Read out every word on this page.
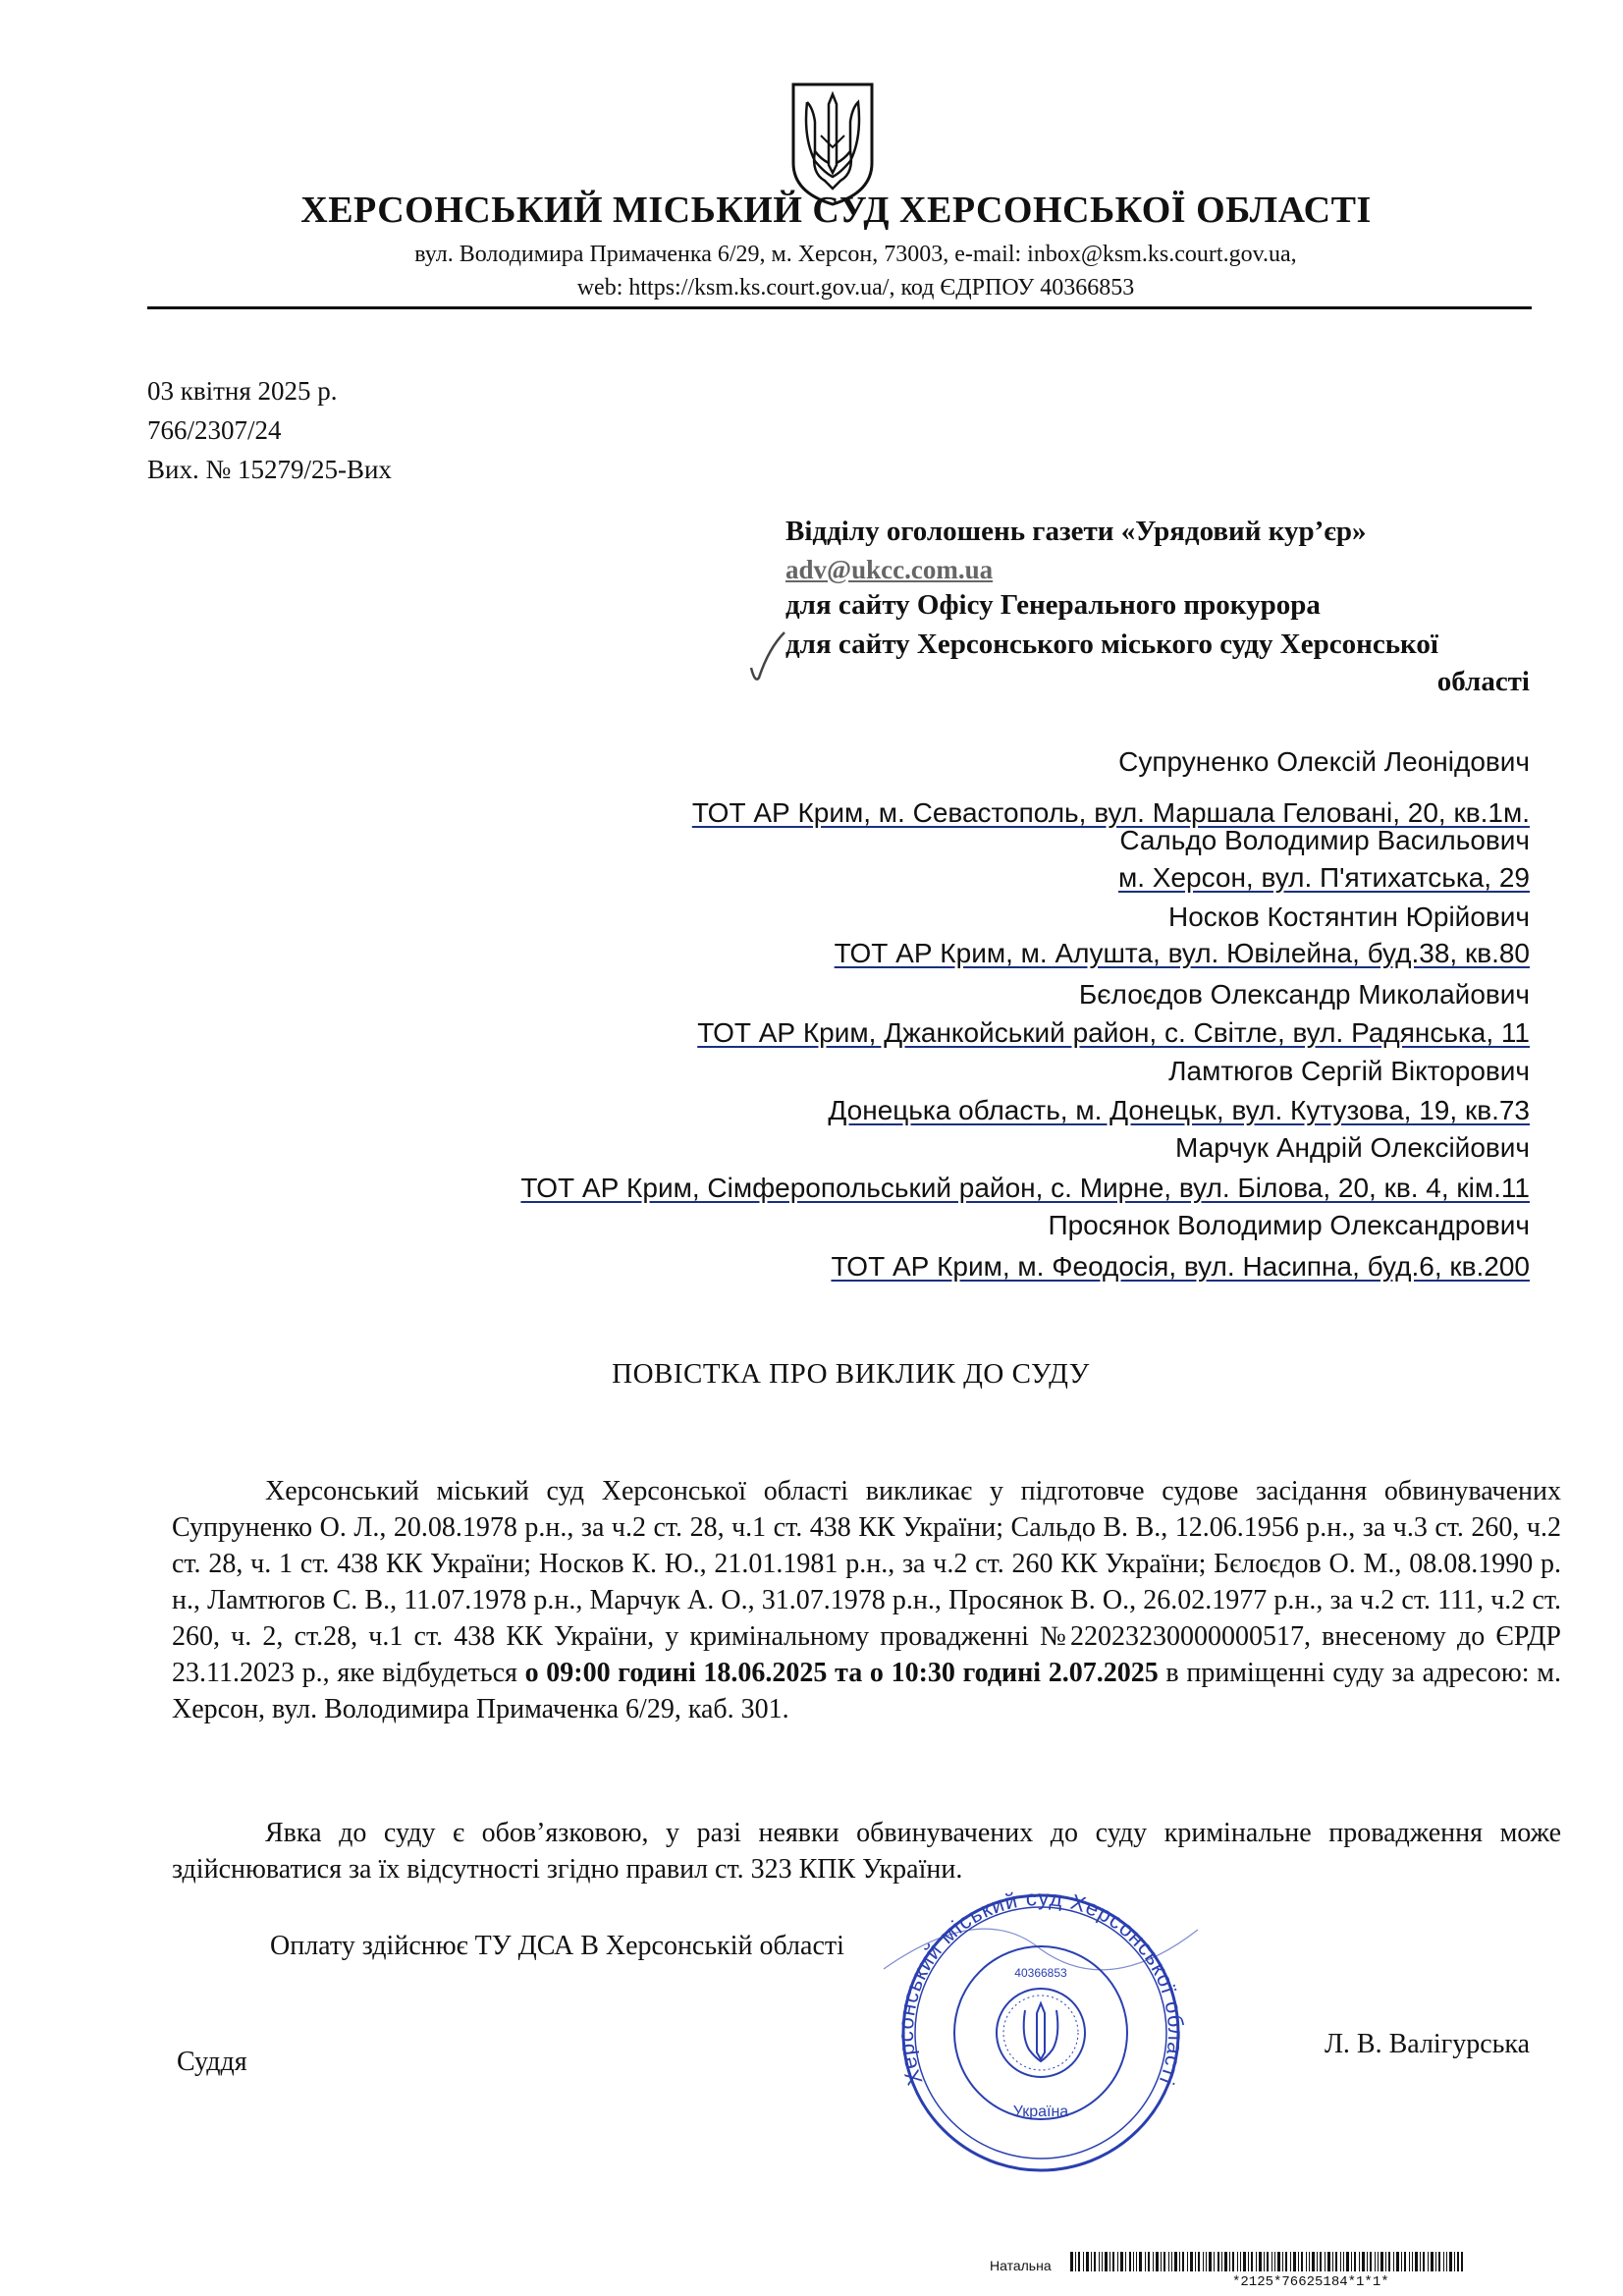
ХЕРСОНСЬКИЙ МІСЬКИЙ СУД ХЕРСОНСЬКОЇ ОБЛАСТІ
вул. Володимира Примаченка 6/29, м. Херсон, 73003, e-mail: inbox@ksm.ks.court.gov.ua,
web: https://ksm.ks.court.gov.ua/, код ЄДРПОУ 40366853
03 квітня 2025 р.
766/2307/24
Вих. № 15279/25-Вих
Відділу оголошень газети «Урядовий кур’єр»
adv@ukcc.com.ua
для сайту Офісу Генерального прокурора
для сайту Херсонського міського суду Херсонської
області
Супруненко Олексій Леонідович
ТОТ АР Крим, м. Севастополь, вул. Маршала Геловані, 20, кв.1м.
Сальдо Володимир Васильович
м. Херсон, вул. П'ятихатська, 29
Носков Костянтин Юрійович
ТОТ АР Крим, м. Алушта, вул. Ювілейна, буд.38, кв.80
Бєлоєдов Олександр Миколайович
ТОТ АР Крим, Джанкойський район, с. Світле, вул. Радянська, 11
Ламтюгов Сергій Вікторович
Донецька область, м. Донецьк, вул. Кутузова, 19, кв.73
Марчук Андрій Олексійович
ТОТ АР Крим, Сімферопольський район, с. Мирне, вул. Білова, 20, кв. 4, кім.11
Просянок Володимир Олександрович
ТОТ АР Крим, м. Феодосія, вул. Насипна, буд.6, кв.200
ПОВІСТКА ПРО ВИКЛИК ДО СУДУ

Херсонський міський суд Херсонської області викликає у підготовче судове засідання обвинувачених Супруненко О. Л., 20.08.1978 р.н., за ч.2 ст. 28, ч.1 ст. 438 КК України; Сальдо В. В., 12.06.1956 р.н., за ч.3 ст. 260, ч.2 ст. 28, ч. 1 ст. 438 КК України; Носков К. Ю., 21.01.1981 р.н., за ч.2 ст. 260 КК України; Бєлоєдов О. М., 08.08.1990 р. н., Ламтюгов С. В., 11.07.1978 р.н., Марчук А. О., 31.07.1978 р.н., Просянок В. О., 26.02.1977 р.н., за ч.2 ст. 111, ч.2 ст. 260, ч. 2, ст.28, ч.1 ст. 438 КК України, у кримінальному провадженні №22023230000000517, внесеному до ЄРДР 23.11.2023 р., яке відбудеться о 09:00 годині 18.06.2025 та о 10:30 годині 2.07.2025 в приміщенні суду за адресою: м. Херсон, вул. Володимира Примаченка 6/29, каб. 301.

Явка до суду є обов’язковою, у разі неявки обвинувачених до суду кримінальне провадження може здійснюватися за їх відсутності згідно правил ст. 323 КПК України.

Оплату здійснює ТУ ДСА В Херсонській області
Суддя
Л. В. Валігурська
Херсонський міський суд Херсонської області
Україна
40366853
Натальна
*2125*76625184*1*1*
